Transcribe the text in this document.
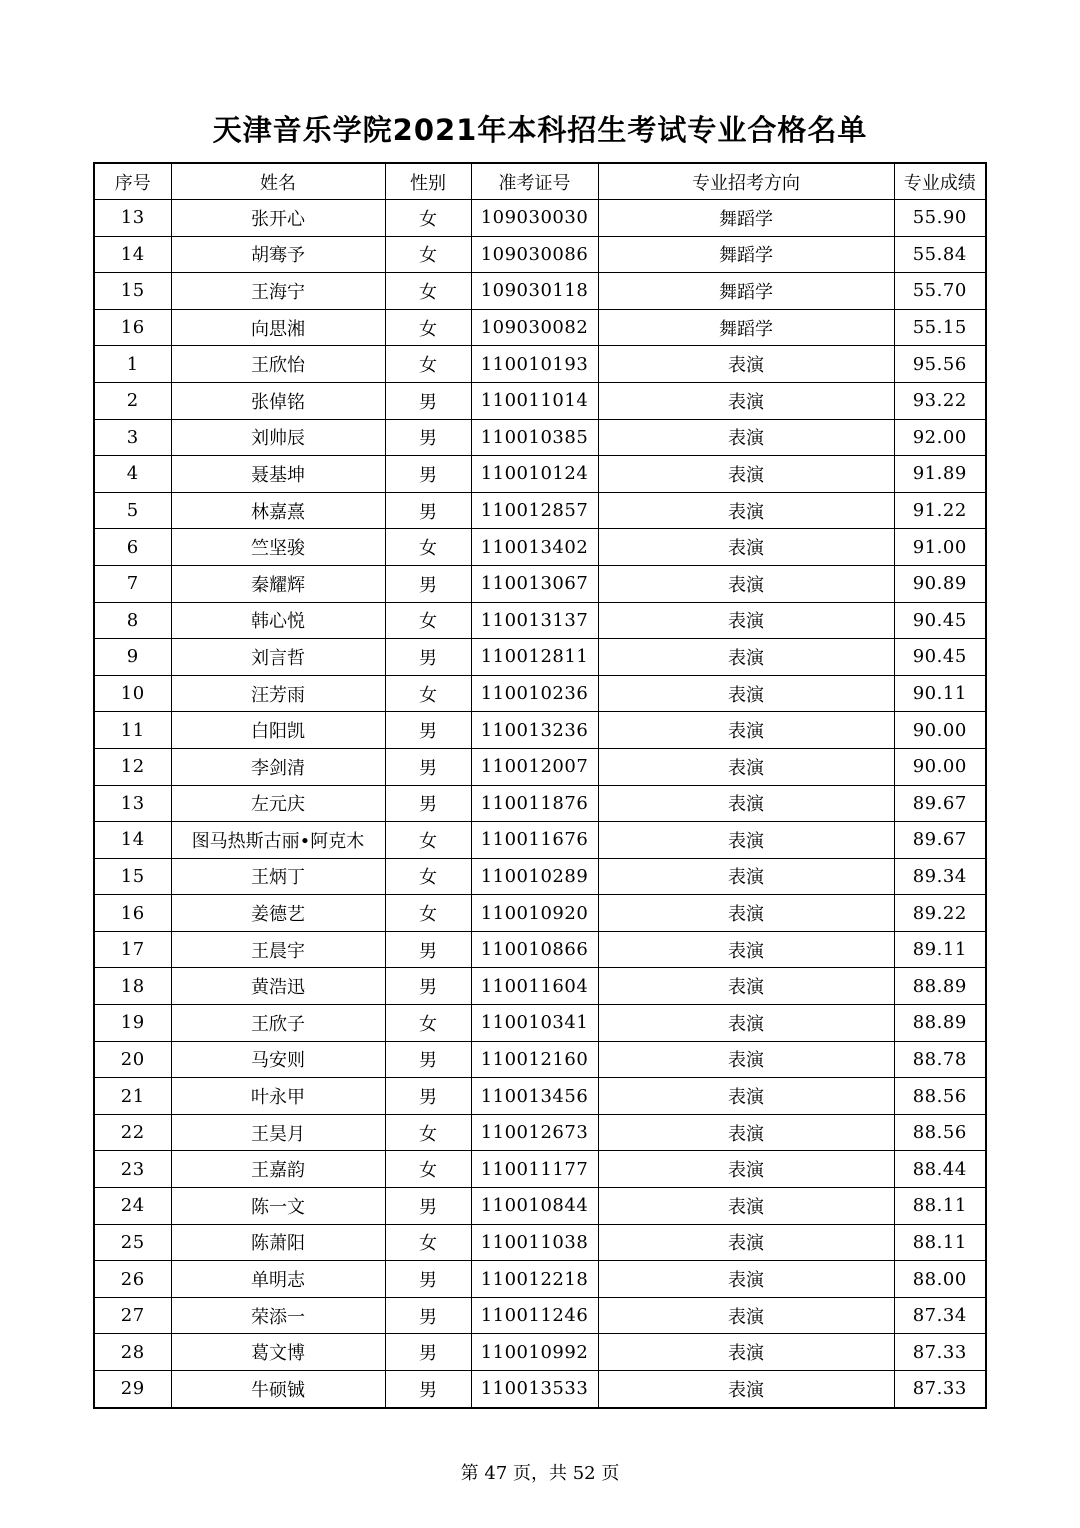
天津音乐学院2021年本科招生考试专业合格名单
序号	姓名	性别	准考证号	专业招考方向	专业成绩
13	张开心	女	109030030	舞蹈学	55.90
14	胡骞予	女	109030086	舞蹈学	55.84
15	王海宁	女	109030118	舞蹈学	55.70
16	向思湘	女	109030082	舞蹈学	55.15
1	王欣怡	女	110010193	表演	95.56
2	张倬铭	男	110011014	表演	93.22
3	刘帅辰	男	110010385	表演	92.00
4	聂基坤	男	110010124	表演	91.89
5	林嘉熹	男	110012857	表演	91.22
6	竺坚骏	女	110013402	表演	91.00
7	秦耀辉	男	110013067	表演	90.89
8	韩心悦	女	110013137	表演	90.45
9	刘言哲	男	110012811	表演	90.45
10	汪芳雨	女	110010236	表演	90.11
11	白阳凯	男	110013236	表演	90.00
12	李剑清	男	110012007	表演	90.00
13	左元庆	男	110011876	表演	89.67
14	图马热斯古丽•阿克木	女	110011676	表演	89.67
15	王炳丁	女	110010289	表演	89.34
16	姜德艺	女	110010920	表演	89.22
17	王晨宇	男	110010866	表演	89.11
18	黄浩迅	男	110011604	表演	88.89
19	王欣子	女	110010341	表演	88.89
20	马安则	男	110012160	表演	88.78
21	叶永甲	男	110013456	表演	88.56
22	王昊月	女	110012673	表演	88.56
23	王嘉韵	女	110011177	表演	88.44
24	陈一文	男	110010844	表演	88.11
25	陈萧阳	女	110011038	表演	88.11
26	单明志	男	110012218	表演	88.00
27	荣添一	男	110011246	表演	87.34
28	葛文博	男	110010992	表演	87.33
29	牛硕铖	男	110013533	表演	87.33
第 47 页，共 52 页
